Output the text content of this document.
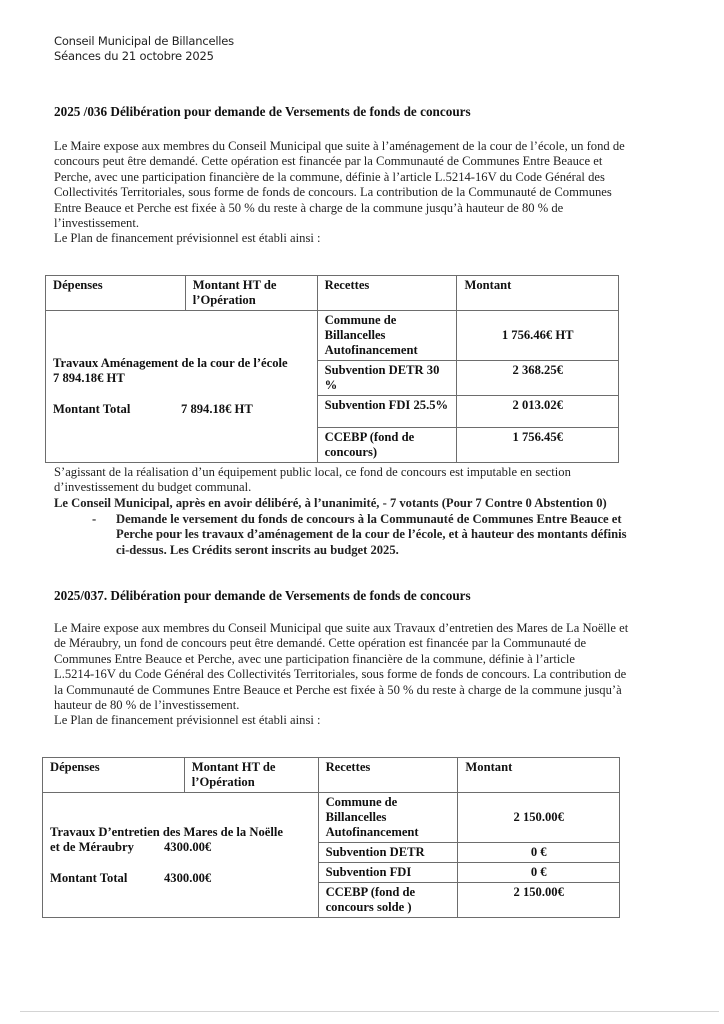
Conseil Municipal de Billancelles
Séances du 21 octobre 2025
2025 /036 Délibération pour demande de Versements de fonds de concours

Le Maire expose aux membres du Conseil Municipal que suite à l’aménagement de la cour de l’école, un fond de

concours peut être demandé. Cette opération est financée par la Communauté de Communes Entre Beauce et

Perche, avec une participation financière de la commune, définie à l’article L.5214-16V du Code Général des

Collectivités Territoriales, sous forme de fonds de concours. La contribution de la Communauté de Communes

Entre Beauce et Perche est fixée à 50 % du reste à charge de la commune jusqu’à hauteur de 80 % de

l’investissement.

Le Plan de financement prévisionnel est établi ainsi :

Dépenses	Montant HT de l’Opération	Recettes	Montant

Travaux Aménagement de la cour de l’école
7 894.18€ HT
Montant Total 7 894.18€ HT		Commune de Billancelles Autofinancement	1 756.46€ HT
		Subvention DETR 30 %	2 368.25€
		Subvention FDI 25.5%	2 013.02€
		CCEBP (fond de concours)	1 756.45€

S’agissant de la réalisation d’un équipement public local, ce fond de concours est imputable en section

d’investissement du budget communal.

Le Conseil Municipal, après en avoir délibéré, à l’unanimité, - 7 votants (Pour 7 Contre 0 Abstention 0)

- Demande le versement du fonds de concours à la Communauté de Communes Entre Beauce et

Perche pour les travaux d’aménagement de la cour de l’école, et à hauteur des montants définis

ci-dessus. Les Crédits seront inscrits au budget 2025.

2025/037. Délibération pour demande de Versements de fonds de concours

Le Maire expose aux membres du Conseil Municipal que suite aux Travaux d’entretien des Mares de La Noëlle et

de Méraubry, un fond de concours peut être demandé. Cette opération est financée par la Communauté de

Communes Entre Beauce et Perche, avec une participation financière de la commune, définie à l’article

L.5214-16V du Code Général des Collectivités Territoriales, sous forme de fonds de concours. La contribution de

la Communauté de Communes Entre Beauce et Perche est fixée à 50 % du reste à charge de la commune jusqu’à

hauteur de 80 % de l’investissement.

Le Plan de financement prévisionnel est établi ainsi :

Dépenses	Montant HT de l’Opération	Recettes	Montant

Travaux D’entretien des Mares de la Noëlle
et de Méraubry 4300.00€
Montant Total 4300.00€		Commune de Billancelles Autofinancement	2 150.00€
		Subvention DETR	0 €
		Subvention FDI	0 €
		CCEBP (fond de concours solde )	2 150.00€
